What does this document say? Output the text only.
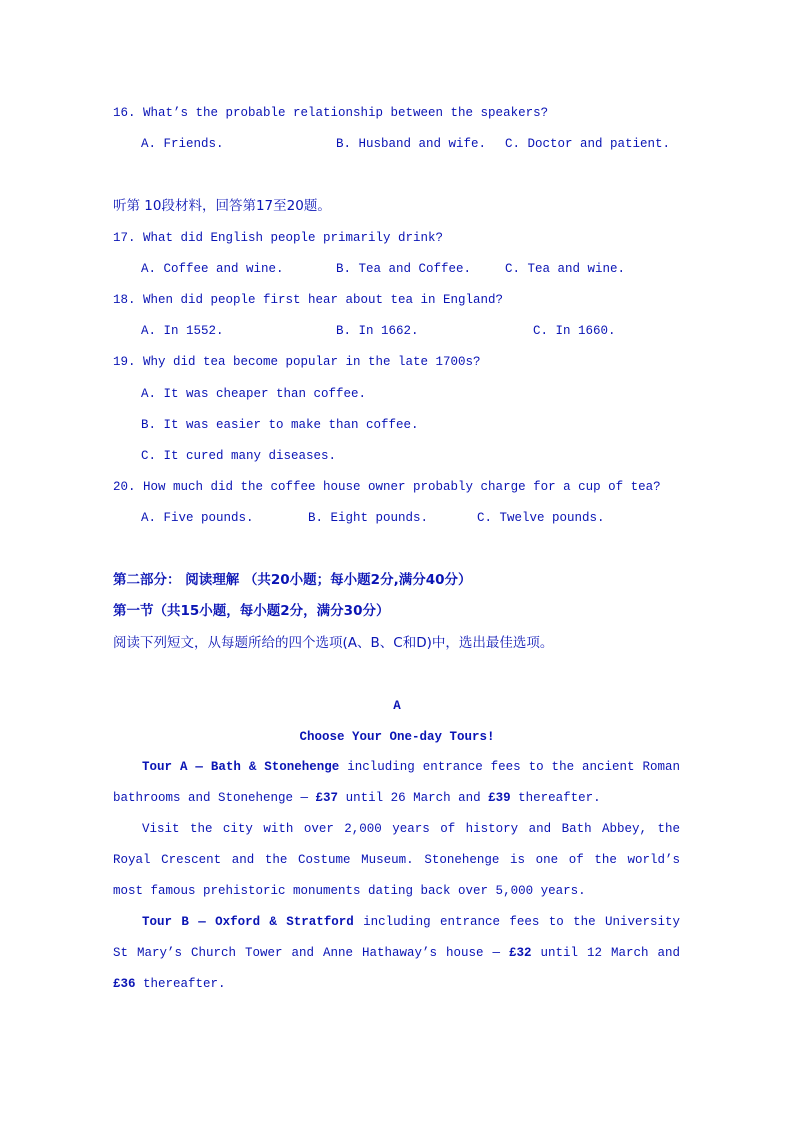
16. What’s the probable relationship between the speakers?
A. Friends.	B. Husband and wife. C. Doctor and patient.
听第 10段材料，回答第17至20题。
17. What did English people primarily drink?
A. Coffee and wine.	B. Tea and Coffee.	C. Tea and wine.
18. When did people first hear about tea in England?
A. In 1552.	B. In 1662.	C. In 1660.
19. Why did tea become popular in the late 1700s?
A. It was cheaper than coffee.
B. It was easier to make than coffee.
C. It cured many diseases.
20. How much did the coffee house owner probably charge for a cup of tea?
A. Five pounds.	B. Eight pounds.	C. Twelve pounds.
第二部分： 阅读理解 （共20小题；每小题2分,满分40分）
第一节（共15小题，每小题2分，满分30分）
阅读下列短文，从每题所给的四个选项(A、B、C和D)中，选出最佳选项。
A
Choose Your One-day Tours!
Tour A — Bath & Stonehenge including entrance fees to the ancient Roman bathrooms and Stonehenge — £37 until 26 March and £39 thereafter.
Visit the city with over 2,000 years of history and Bath Abbey, the Royal Crescent and the Costume Museum. Stonehenge is one of the world’s most famous prehistoric monuments dating back over 5,000 years.
Tour B — Oxford & Stratford including entrance fees to the University St Mary’s Church Tower and Anne Hathaway’s house — £32 until 12 March and £36 thereafter.
